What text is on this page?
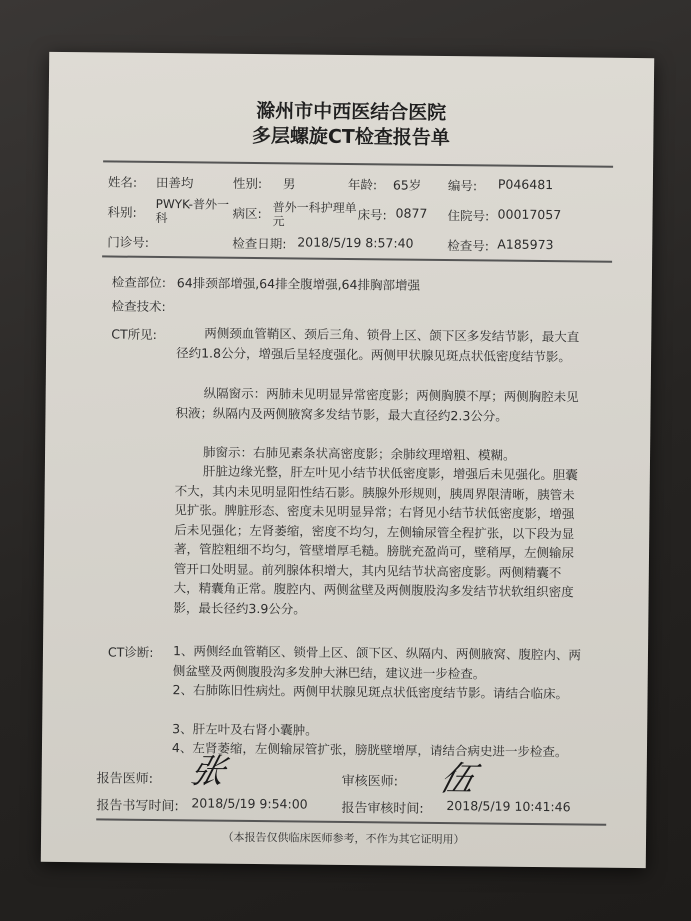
滁州市中西医结合医院
多层螺旋CT检查报告单
姓名: 田善均	性别: 男	年龄: 65岁 编号: P046481
科别:
PWYK-普外一科	病区: 普外一科护理单元	床号: 0877 住院号: 00017057
门诊号:	检查日期: 2018/5/19 8:57:40	检查号: A185973
检查部位: 64排颈部增强,64排全腹增强,64排胸部增强
检查技术:
CT所见:	两侧颈血管鞘区、颈后三角、锁骨上区、颌下区多发结节影，最大直径约1.8公分，增强后呈轻度强化。两侧甲状腺见斑点状低密度结节影。
纵隔窗示：两肺未见明显异常密度影；两侧胸膜不厚；两侧胸腔未见积液；纵隔内及两侧腋窝多发结节影，最大直径约2.3公分。
肺窗示：右肺见素条状高密度影；余肺纹理增粗、模糊。
肝脏边缘光整，肝左叶见小结节状低密度影，增强后未见强化。胆囊不大，其内未见明显阳性结石影。胰腺外形规则，胰周界限清晰，胰管未见扩张。脾脏形态、密度未见明显异常；右肾见小结节状低密度影，增强后未见强化；左肾萎缩，密度不均匀，左侧输尿管全程扩张，以下段为显著，管腔粗细不均匀，管壁增厚毛糙。膀胱充盈尚可，壁稍厚，左侧输尿管开口处明显。前列腺体积增大，其内见结节状高密度影。两侧精囊不大，精囊角正常。腹腔内、两侧盆壁及两侧腹股沟多发结节状软组织密度影，最长径约3.9公分。
CT诊断: 1、两侧经血管鞘区、锁骨上区、颌下区、纵隔内、两侧腋窝、腹腔内、两侧盆壁及两侧腹股沟多发肿大淋巴结，建议进一步检查。
2、右肺陈旧性病灶。两侧甲状腺见斑点状低密度结节影。请结合临床。
3、肝左叶及右肾小囊肿。
4、左肾萎缩，左侧输尿管扩张，膀胱壁增厚，请结合病史进一步检查。
报告医师: 张	审核医师: 伍
报告书写时间: 2018/5/19 9:54:00	报告审核时间: 2018/5/19 10:41:46
（本报告仅供临床医师参考，不作为其它证明用）
